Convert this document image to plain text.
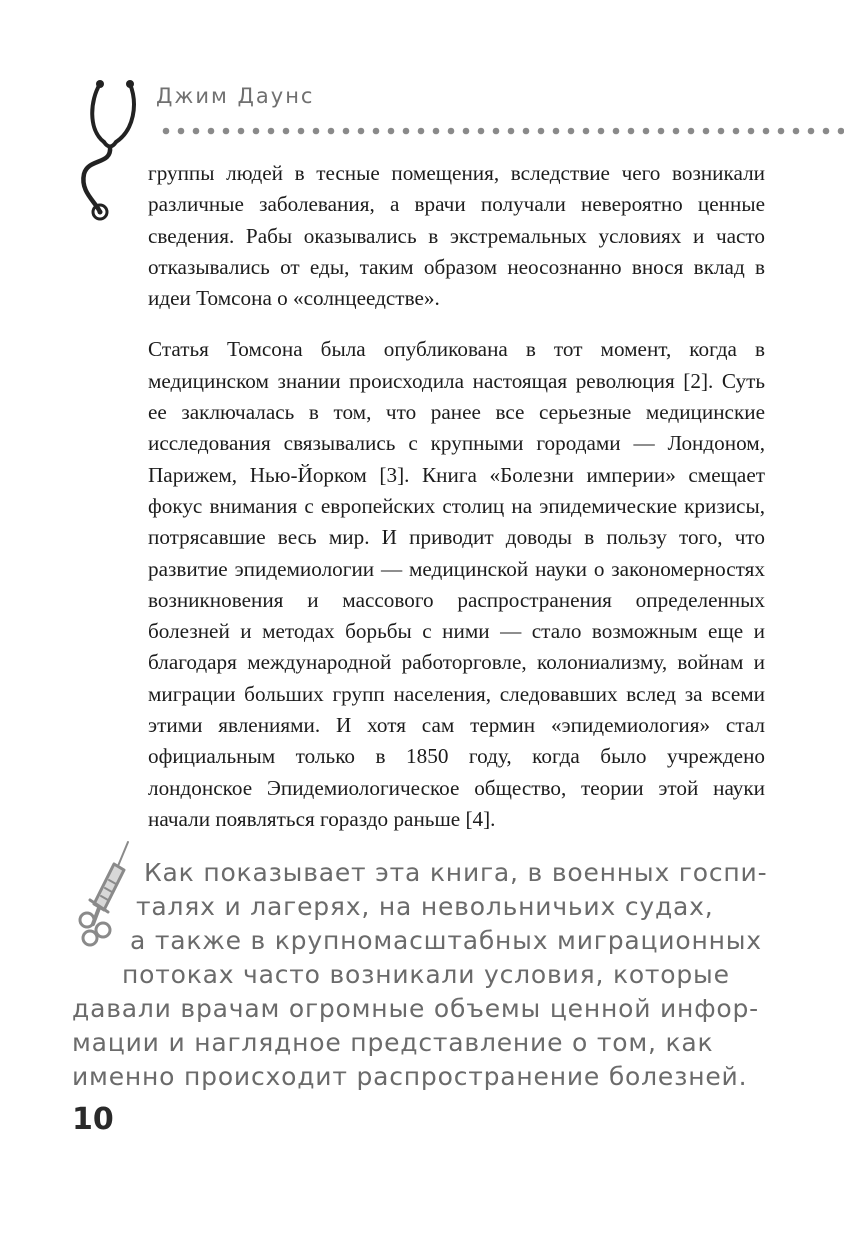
Джим Даунс

группы людей в тесные помещения, вследствие чего возникали различные заболевания, а врачи получали невероятно ценные сведения. Рабы оказывались в экстремальных условиях и часто отказывались от еды, таким образом неосознанно внося вклад в идеи Томсона о «солнцеедстве».

Статья Томсона была опубликована в тот момент, когда в медицинском знании происходила настоящая революция [2]. Суть ее заключалась в том, что ранее все серьезные медицинские исследования связывались с крупными городами — Лондоном, Парижем, Нью-Йорком [3]. Книга «Болезни империи» смещает фокус внимания с европейских столиц на эпидемические кризисы, потрясавшие весь мир. И приводит доводы в пользу того, что развитие эпидемиологии — медицинской науки о закономерностях возникновения и массового распространения определенных болезней и методах борьбы с ними — стало возможным еще и благодаря международной работорговле, колониализму, войнам и миграции больших групп населения, следовавших вслед за всеми этими явлениями. И хотя сам термин «эпидемиология» стал официальным только в 1850 году, когда было учреждено лондонское Эпидемиологическое общество, теории этой науки начали появляться гораздо раньше [4].

Как показывает эта книга, в военных госпи-
талях и лагерях, на невольничьих судах,
а также в крупномасштабных миграционных
потоках часто возникали условия, которые
давали врачам огромные объемы ценной инфор-
мации и наглядное представление о том, как
именно происходит распространение болезней.
10
